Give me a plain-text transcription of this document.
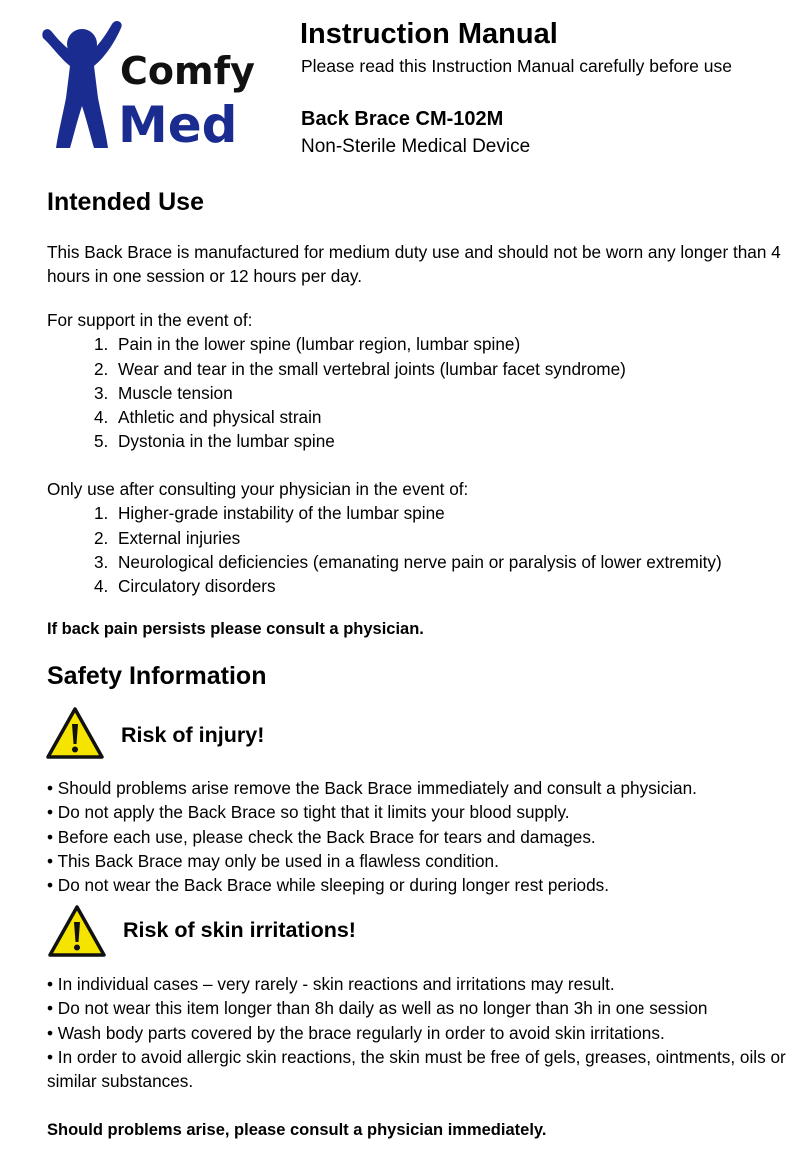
Comfy
Med
Instruction Manual
Please read this Instruction Manual carefully before use
Back Brace CM-102M
Non-Sterile Medical Device
Intended Use

This Back Brace is manufactured for medium duty use and should not be worn any longer than 4 hours in one session or 12 hours per day.

For support in the event of:

1. Pain in the lower spine (lumbar region, lumbar spine)
2. Wear and tear in the small vertebral joints (lumbar facet syndrome)
3. Muscle tension
4. Athletic and physical strain
5. Dystonia in the lumbar spine

Only use after consulting your physician in the event of:

1. Higher-grade instability of the lumbar spine
2. External injuries
3. Neurological deficiencies (emanating nerve pain or paralysis of lower extremity)
4. Circulatory disorders
If back pain persists please consult a physician.
Safety Information
Risk of injury!
• Should problems arise remove the Back Brace immediately and consult a physician.
• Do not apply the Back Brace so tight that it limits your blood supply.
• Before each use, please check the Back Brace for tears and damages.
• This Back Brace may only be used in a flawless condition.
• Do not wear the Back Brace while sleeping or during longer rest periods.
Risk of skin irritations!
• In individual cases – very rarely - skin reactions and irritations may result.
• Do not wear this item longer than 8h daily as well as no longer than 3h in one session
• Wash body parts covered by the brace regularly in order to avoid skin irritations.
• In order to avoid allergic skin reactions, the skin must be free of gels, greases, ointments, oils or similar substances.
Should problems arise, please consult a physician immediately.
